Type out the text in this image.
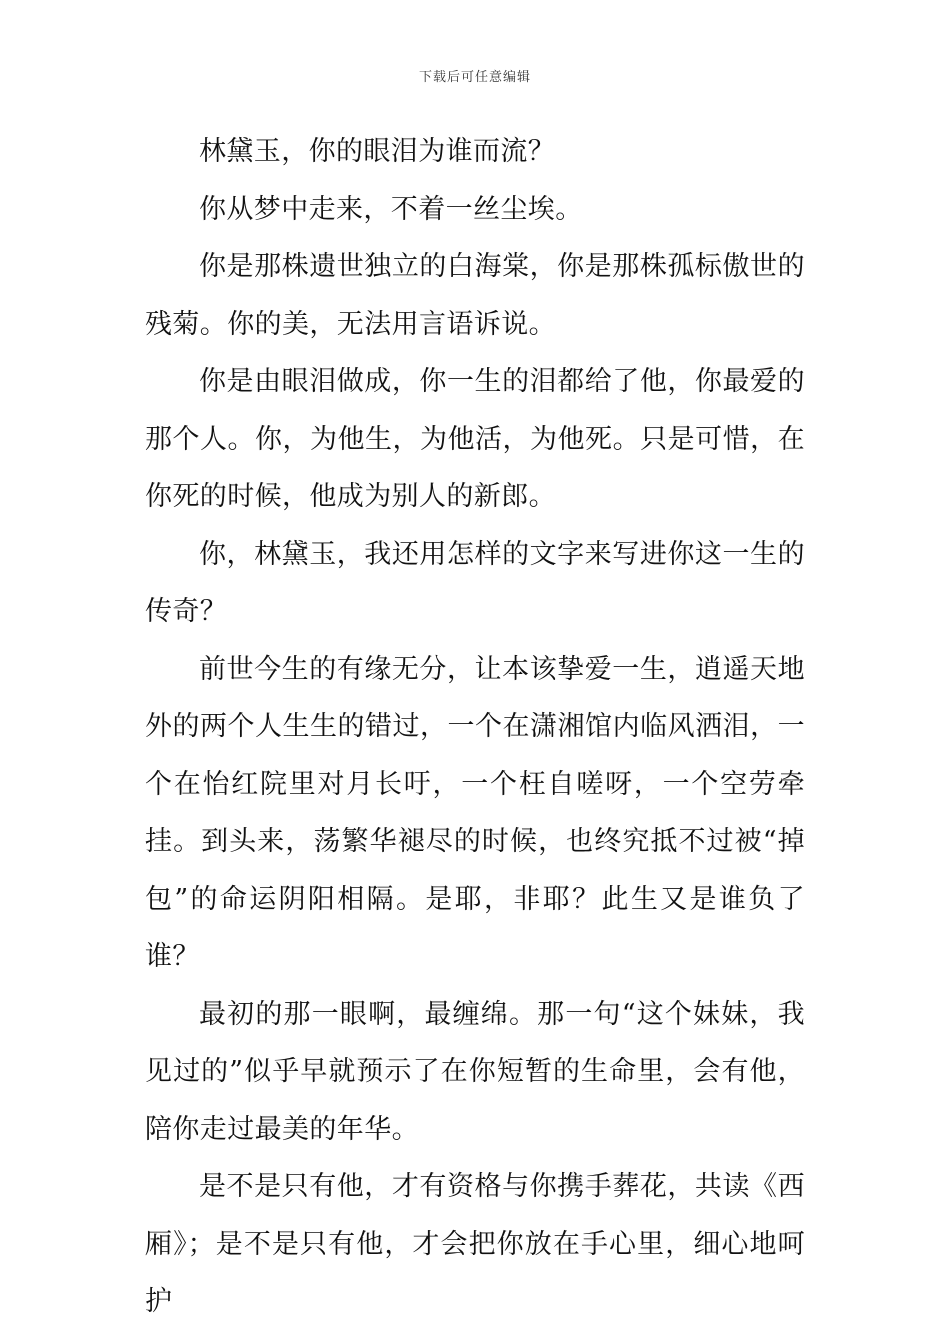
下载后可任意编辑

林黛玉，你的眼泪为谁而流？

你从梦中走来，不着一丝尘埃。

你是那株遗世独立的白海棠，你是那株孤标傲世的残菊。你的美，无法用言语诉说。

你是由眼泪做成，你一生的泪都给了他，你最爱的那个人。你，为他生，为他活，为他死。只是可惜，在你死的时候，他成为别人的新郎。

你，林黛玉，我还用怎样的文字来写进你这一生的传奇？

前世今生的有缘无分，让本该挚爱一生，逍遥天地外的两个人生生的错过，一个在潇湘馆内临风洒泪，一个在怡红院里对月长吁，一个枉自嗟呀，一个空劳牵挂。到头来，荡繁华褪尽的时候，也终究抵不过被“掉包”的命运阴阳相隔。是耶，非耶？此生又是谁负了谁？

最初的那一眼啊，最缠绵。那一句“这个妹妹，我见过的”似乎早就预示了在你短暂的生命里，会有他，陪你走过最美的年华。

是不是只有他，才有资格与你携手葬花，共读《西厢》；是不是只有他，才会把你放在手心里，细心地呵护
